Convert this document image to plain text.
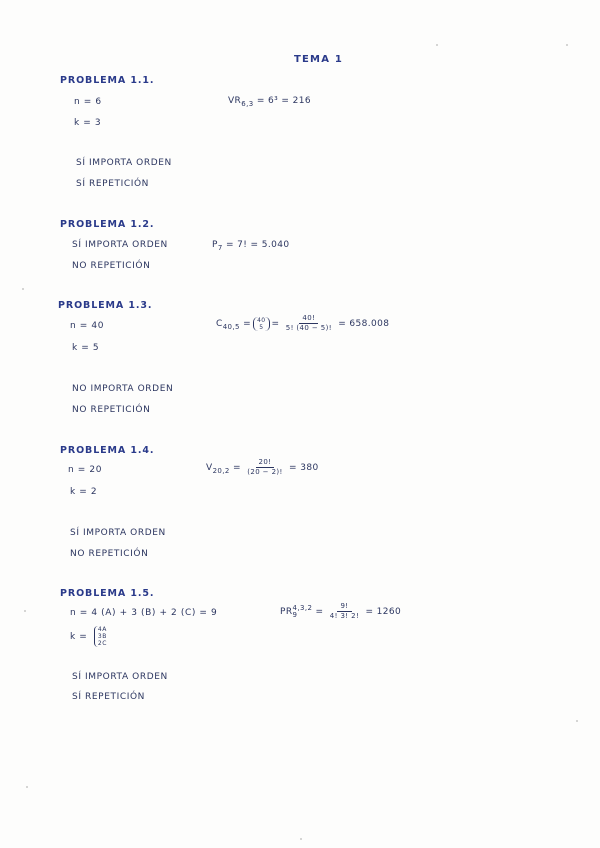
TEMA 1
PROBLEMA 1.1.
n = 6
k = 3
$VR_{6,3} = 6^3 = 216$
SÍ IMPORTA ORDEN
SÍ REPETICIÓN
PROBLEMA 1.2.
SÍ IMPORTA ORDEN
NO REPETICIÓN
$P_7 = 7$! = 5.040
PROBLEMA 1.3.
n = 40
k = 5
$C_{40,5} = 40$
$5 = \frac{40!}{5! (40 - 5)!} = 658.008$
NO IMPORTA ORDEN
NO REPETICIÓN
PROBLEMA 1.4.
n = 20
k = 2
$V_{20,2} = \frac{20!}{(20 - 2)!} = 380$
SÍ IMPORTA ORDEN
NO REPETICIÓN
PROBLEMA 1.5.
n = 4 (A) + 3 (B) + 2 (C) = 9
k =
4A
3B
2C
PR 4,3,2
9	= $\frac{9!}{4! 3! 2!} = 1260$
SÍ IMPORTA ORDEN
SÍ REPETICIÓN
